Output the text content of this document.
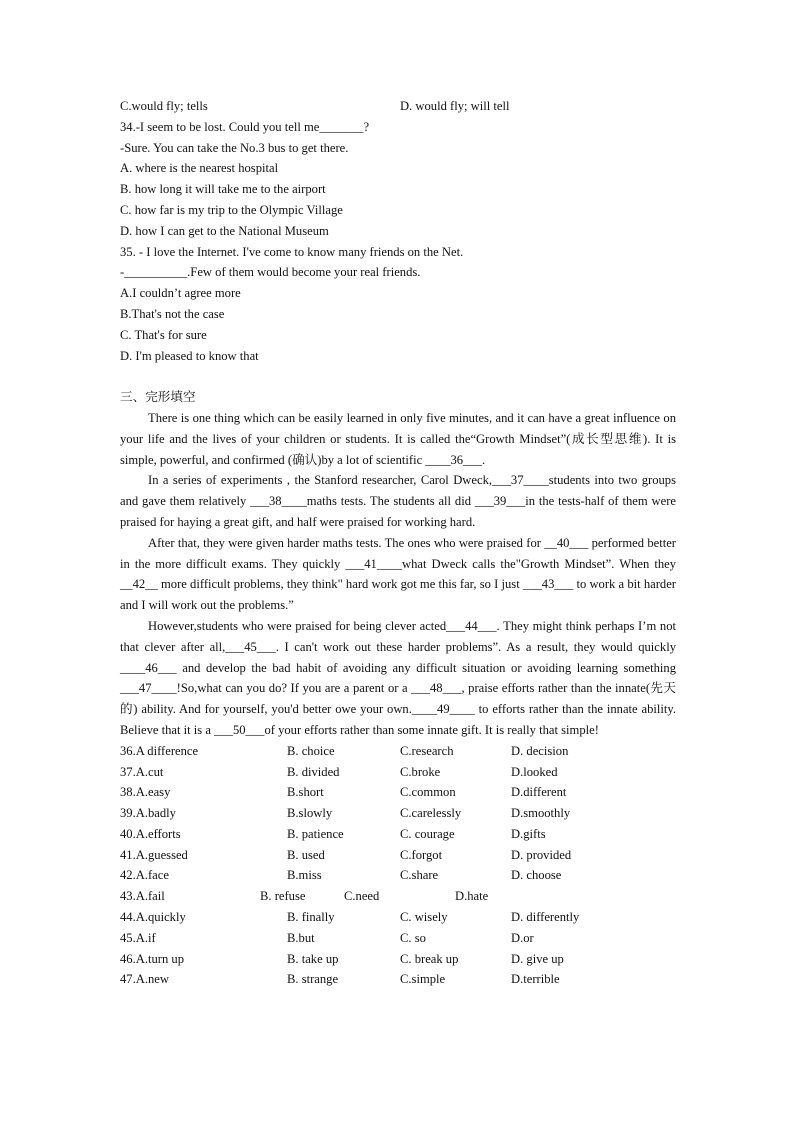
C.would fly; tells	D. would fly; will tell
34.-I seem to be lost. Could you tell me_______?
-Sure. You can take the No.3 bus to get there.
A. where is the nearest hospital
B. how long it will take me to the airport
C. how far is my trip to the Olympic Village
D. how I can get to the National Museum
35. - I love the Internet. I've come to know many friends on the Net.
-__________.Few of them would become your real friends.
A.I couldn’t agree more
B.That's not the case
C. That's for sure
D. I'm pleased to know that
三、完形填空

There is one thing which can be easily learned in only five minutes, and it can have a great influence on your life and the lives of your children or students. It is called the“Growth Mindset”(成长型思维). It is simple, powerful, and confirmed (确认)by a lot of scientific ____36___.

In a series of experiments , the Stanford researcher, Carol Dweck,___37____students into two groups and gave them relatively ___38____maths tests. The students all did ___39___in the tests-half of them were praised for haying a great gift, and half were praised for working hard.

After that, they were given harder maths tests. The ones who were praised for __40___ performed better in the more difficult exams. They quickly ___41____what Dweck calls the"Growth Mindset”. When they __42__ more difficult problems, they think" hard work got me this far, so I just ___43___ to work a bit harder and I will work out the problems.”

However,students who were praised for being clever acted___44___. They might think perhaps I’m not that clever after all,___45___. I can't work out these harder problems”. As a result, they would quickly ____46___ and develop the bad habit of avoiding any difficult situation or avoiding learning something ___47____!So,what can you do? If you are a parent or a ___48___, praise efforts rather than the innate(先天的) ability. And for yourself, you'd better owe your own.____49____ to efforts rather than the innate ability. Believe that it is a ___50___of your efforts rather than some innate gift. It is really that simple!

36.A difference	B. choice	C.research	D. decision
37.A.cut	B. divided	C.broke	D.looked
38.A.easy	B.short	C.common	D.different
39.A.badly	B.slowly	C.carelessly	D.smoothly
40.A.efforts	B. patience	C. courage	D.gifts
41.A.guessed	B. used	C.forgot	D. provided
42.A.face	B.miss	C.share	D. choose
43.A.fail	B. refuse	C.need	D.hate
44.A.quickly	B. finally	C. wisely	D. differently
45.A.if	B.but	C. so	D.or
46.A.turn up	B. take up	C. break up	D. give up
47.A.new	B. strange	C.simple	D.terrible
